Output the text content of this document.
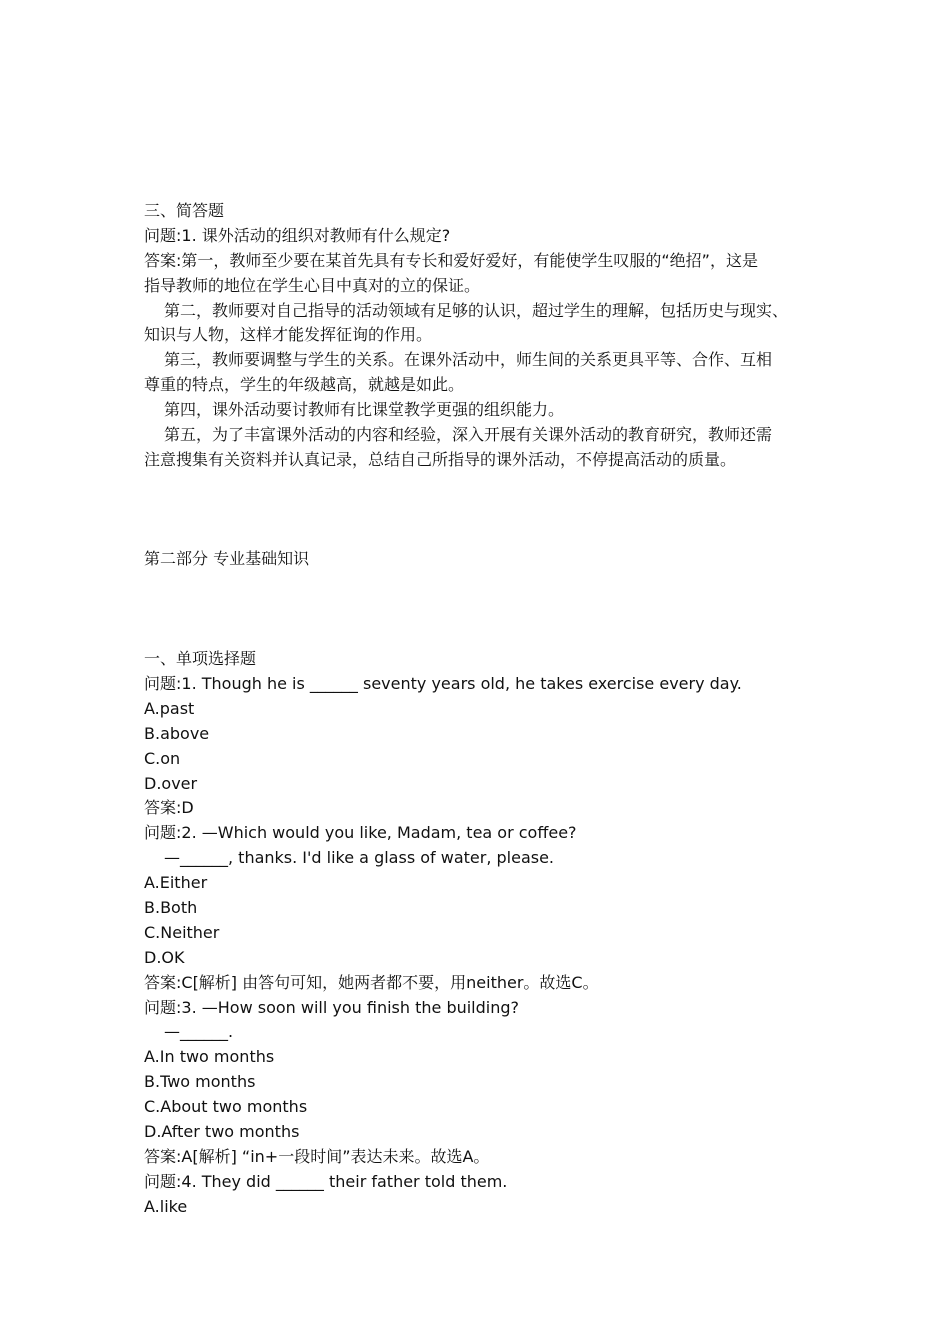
三、简答题
问题:1. 课外活动的组织对教师有什么规定?
答案:第一，教师至少要在某首先具有专长和爱好爱好，有能使学生叹服的“绝招”，这是
指导教师的地位在学生心目中真对的立的保证。
第二，教师要对自己指导的活动领域有足够的认识，超过学生的理解，包括历史与现实、
知识与人物，这样才能发挥征询的作用。
第三，教师要调整与学生的关系。在课外活动中，师生间的关系更具平等、合作、互相
尊重的特点，学生的年级越高，就越是如此。
第四，课外活动要讨教师有比课堂教学更强的组织能力。
第五，为了丰富课外活动的内容和经验，深入开展有关课外活动的教育研究，教师还需
注意搜集有关资料并认真记录，总结自己所指导的课外活动，不停提高活动的质量。
第二部分 专业基础知识
一、单项选择题
问题:1. Though he is ______ seventy years old, he takes exercise every day.
A.past
B.above
C.on
D.over
答案:D
问题:2. —Which would you like, Madam, tea or coffee?
—______, thanks. I'd like a glass of water, please.
A.Either
B.Both
C.Neither
D.OK
答案:C[解析] 由答句可知，她两者都不要，用neither。故选C。
问题:3. —How soon will you finish the building?
—______.
A.In two months
B.Two months
C.About two months
D.After two months
答案:A[解析] “in+一段时间”表达未来。故选A。
问题:4. They did ______ their father told them.
A.like
